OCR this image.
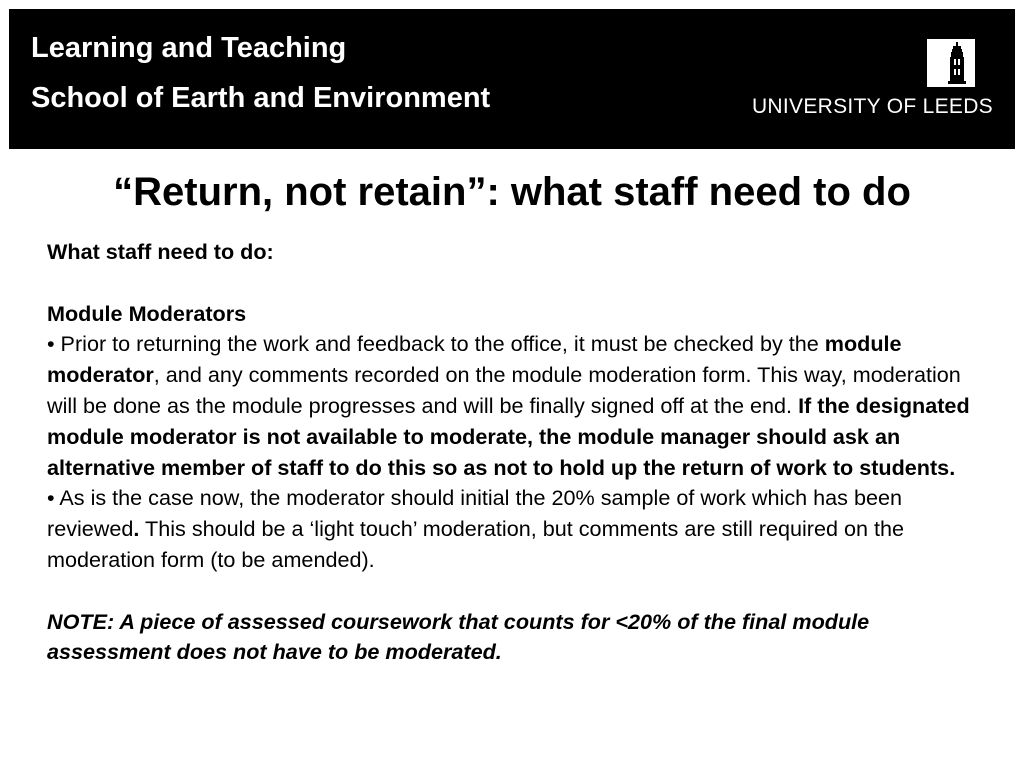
Learning and Teaching
School of Earth and Environment	UNIVERSITY OF LEEDS
“Return, not retain”: what staff need to do

What staff need to do:

Module Moderators

• Prior to returning the work and feedback to the office, it must be checked by the module moderator, and any comments recorded on the module moderation form. This way, moderation will be done as the module progresses and will be finally signed off at the end. If the designated module moderator is not available to moderate, the module manager should ask an alternative member of staff to do this so as not to hold up the return of work to students.

• As is the case now, the moderator should initial the 20% sample of work which has been reviewed. This should be a ‘light touch’ moderation, but comments are still required on the moderation form (to be amended).

NOTE: A piece of assessed coursework that counts for <20% of the final module assessment does not have to be moderated.
